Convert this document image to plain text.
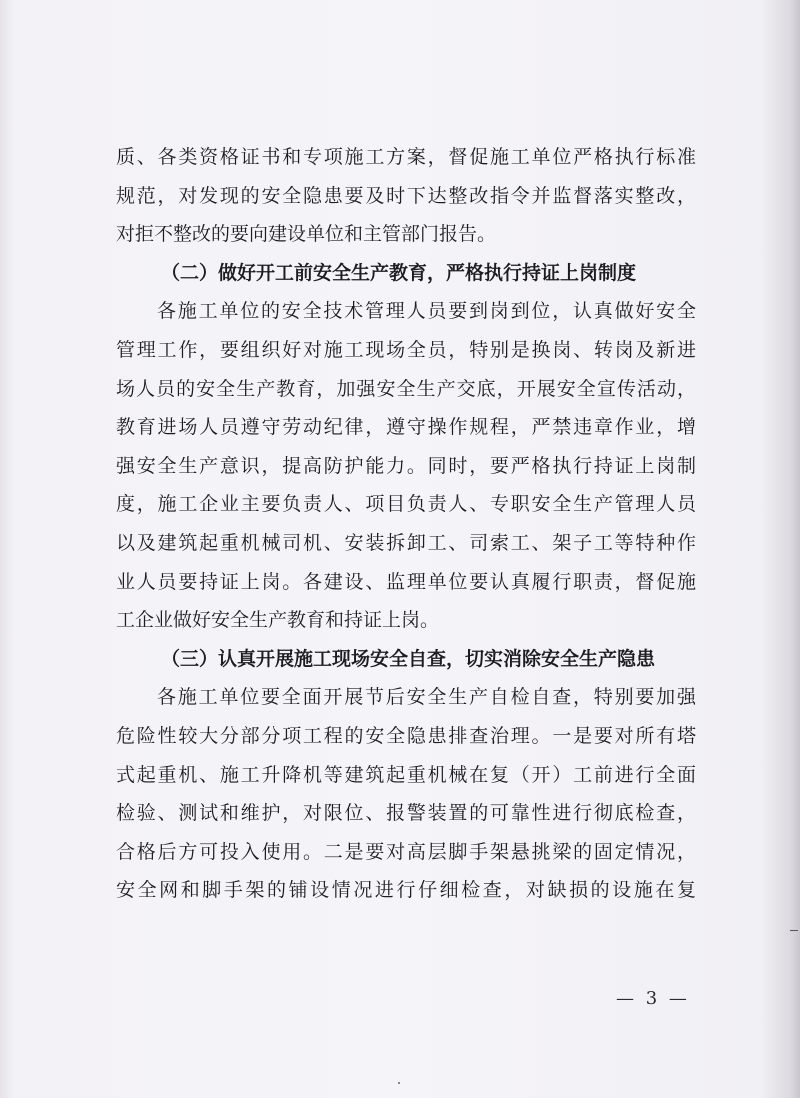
质、各类资格证书和专项施工方案，督促施工单位严格执行标准
规范，对发现的安全隐患要及时下达整改指令并监督落实整改，
对拒不整改的要向建设单位和主管部门报告。
（二）做好开工前安全生产教育，严格执行持证上岗制度
各施工单位的安全技术管理人员要到岗到位，认真做好安全
管理工作，要组织好对施工现场全员，特别是换岗、转岗及新进
场人员的安全生产教育，加强安全生产交底，开展安全宣传活动，
教育进场人员遵守劳动纪律，遵守操作规程，严禁违章作业，增
强安全生产意识，提高防护能力。同时，要严格执行持证上岗制
度，施工企业主要负责人、项目负责人、专职安全生产管理人员
以及建筑起重机械司机、安装拆卸工、司索工、架子工等特种作
业人员要持证上岗。各建设、监理单位要认真履行职责，督促施
工企业做好安全生产教育和持证上岗。
（三）认真开展施工现场安全自查，切实消除安全生产隐患
各施工单位要全面开展节后安全生产自检自查，特别要加强
危险性较大分部分项工程的安全隐患排查治理。一是要对所有塔
式起重机、施工升降机等建筑起重机械在复（开）工前进行全面
检验、测试和维护，对限位、报警装置的可靠性进行彻底检查，
合格后方可投入使用。二是要对高层脚手架悬挑梁的固定情况，
安全网和脚手架的铺设情况进行仔细检查，对缺损的设施在复
— 3 —
